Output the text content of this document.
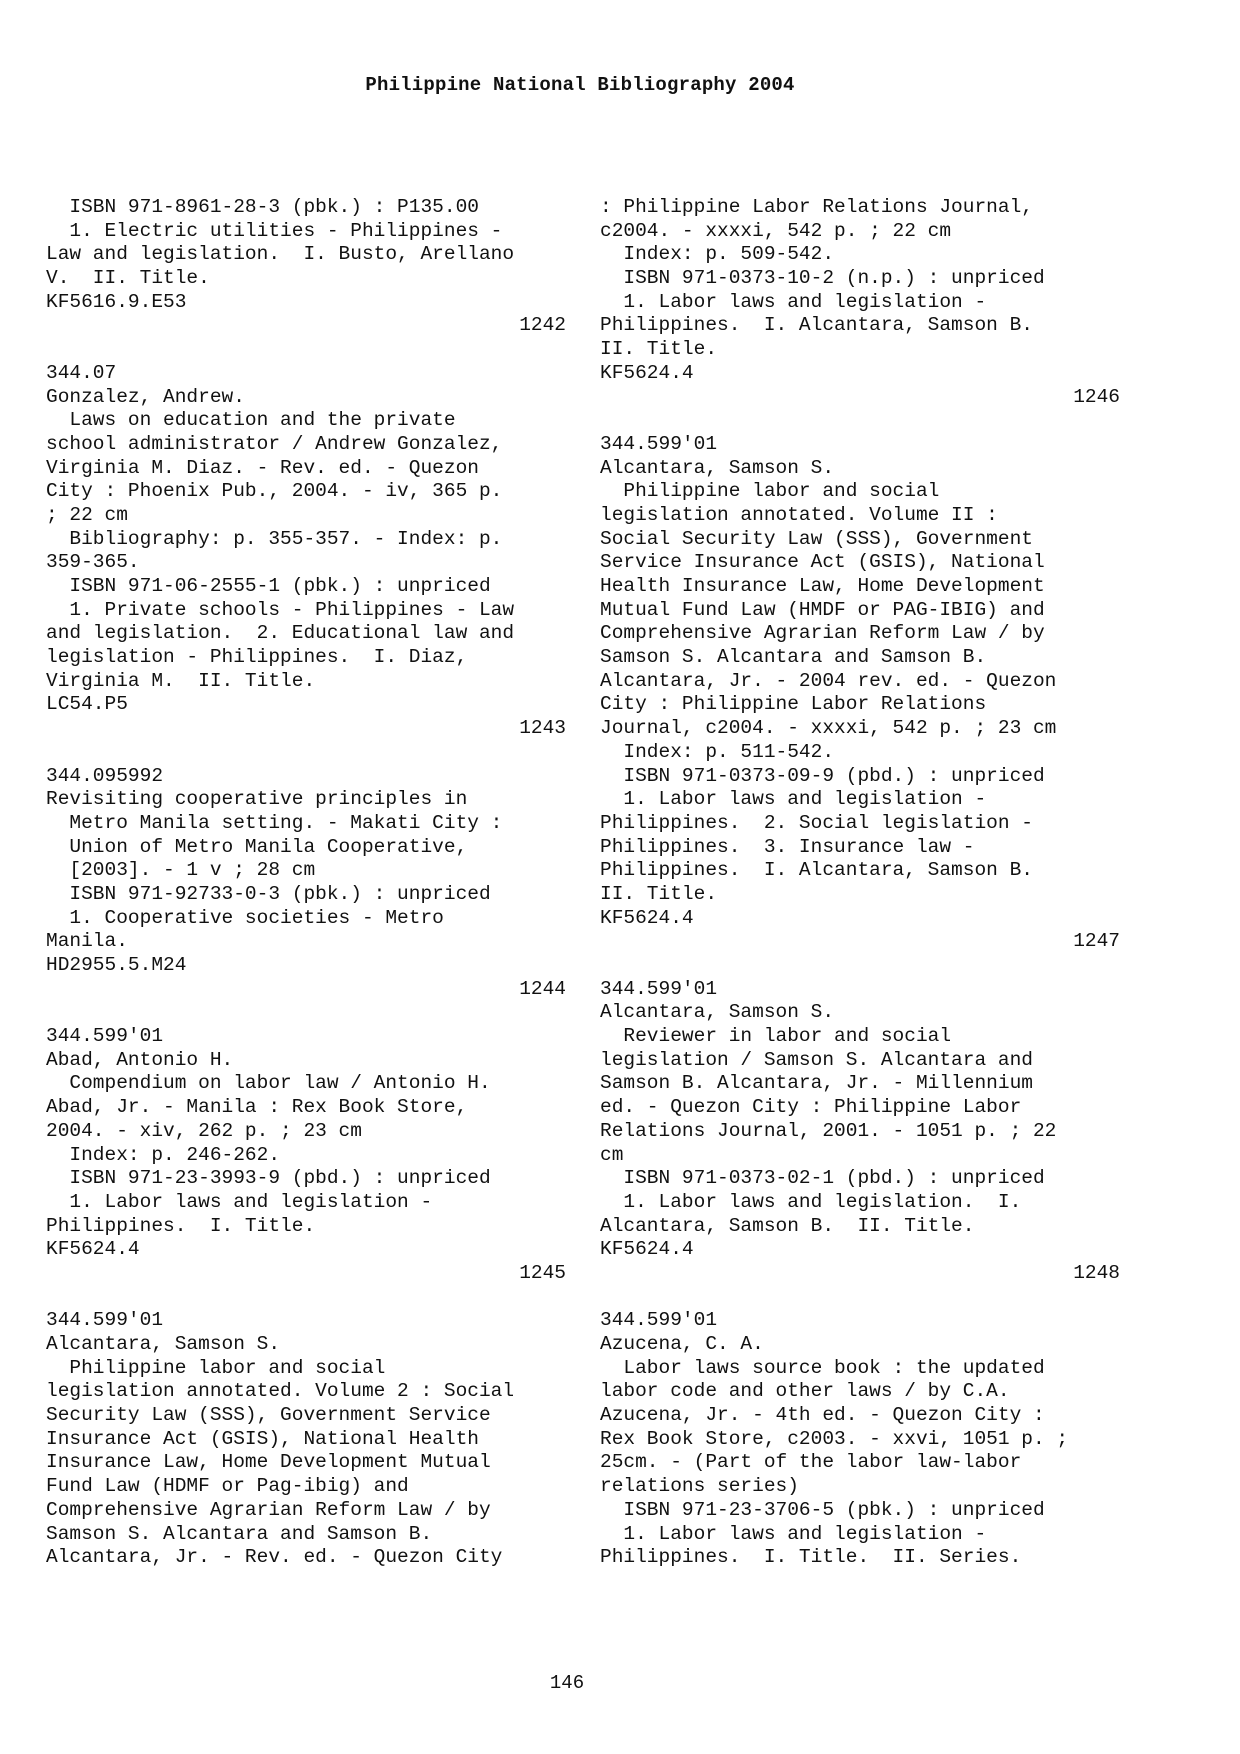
Philippine National Bibliography 2004
ISBN 971-8961-28-3 (pbk.) : P135.00
1. Electric utilities - Philippines -
Law and legislation.  I. Busto, Arellano
V.  II. Title.
KF5616.9.E53
1242
344.07
Gonzalez, Andrew.
Laws on education and the private
school administrator / Andrew Gonzalez,
Virginia M. Diaz. - Rev. ed. - Quezon
City : Phoenix Pub., 2004. - iv, 365 p.
; 22 cm
Bibliography: p. 355-357. - Index: p.
359-365.
ISBN 971-06-2555-1 (pbk.) : unpriced
1. Private schools - Philippines - Law
and legislation.  2. Educational law and
legislation - Philippines.  I. Diaz,
Virginia M.  II. Title.
LC54.P5
1243
344.095992
Revisiting cooperative principles in
Metro Manila setting. - Makati City :
Union of Metro Manila Cooperative,
[2003]. - 1 v ; 28 cm
ISBN 971-92733-0-3 (pbk.) : unpriced
1. Cooperative societies - Metro
Manila.
HD2955.5.M24
1244
344.599'01
Abad, Antonio H.
Compendium on labor law / Antonio H.
Abad, Jr. - Manila : Rex Book Store,
2004. - xiv, 262 p. ; 23 cm
Index: p. 246-262.
ISBN 971-23-3993-9 (pbd.) : unpriced
1. Labor laws and legislation -
Philippines.  I. Title.
KF5624.4
1245
344.599'01
Alcantara, Samson S.
Philippine labor and social
legislation annotated. Volume 2 : Social
Security Law (SSS), Government Service
Insurance Act (GSIS), National Health
Insurance Law, Home Development Mutual
Fund Law (HDMF or Pag-ibig) and
Comprehensive Agrarian Reform Law / by
Samson S. Alcantara and Samson B.
Alcantara, Jr. - Rev. ed. - Quezon City
: Philippine Labor Relations Journal,
c2004. - xxxxi, 542 p. ; 22 cm
Index: p. 509-542.
ISBN 971-0373-10-2 (n.p.) : unpriced
1. Labor laws and legislation -
Philippines.  I. Alcantara, Samson B.
II. Title.
KF5624.4
1246
344.599'01
Alcantara, Samson S.
Philippine labor and social
legislation annotated. Volume II :
Social Security Law (SSS), Government
Service Insurance Act (GSIS), National
Health Insurance Law, Home Development
Mutual Fund Law (HMDF or PAG-IBIG) and
Comprehensive Agrarian Reform Law / by
Samson S. Alcantara and Samson B.
Alcantara, Jr. - 2004 rev. ed. - Quezon
City : Philippine Labor Relations
Journal, c2004. - xxxxi, 542 p. ; 23 cm
Index: p. 511-542.
ISBN 971-0373-09-9 (pbd.) : unpriced
1. Labor laws and legislation -
Philippines.  2. Social legislation -
Philippines.  3. Insurance law -
Philippines.  I. Alcantara, Samson B.
II. Title.
KF5624.4
1247
344.599'01
Alcantara, Samson S.
Reviewer in labor and social
legislation / Samson S. Alcantara and
Samson B. Alcantara, Jr. - Millennium
ed. - Quezon City : Philippine Labor
Relations Journal, 2001. - 1051 p. ; 22
cm
ISBN 971-0373-02-1 (pbd.) : unpriced
1. Labor laws and legislation.  I.
Alcantara, Samson B.  II. Title.
KF5624.4
1248
344.599'01
Azucena, C. A.
Labor laws source book : the updated
labor code and other laws / by C.A.
Azucena, Jr. - 4th ed. - Quezon City :
Rex Book Store, c2003. - xxvi, 1051 p. ;
25cm. - (Part of the labor law-labor
relations series)
ISBN 971-23-3706-5 (pbk.) : unpriced
1. Labor laws and legislation -
Philippines.  I. Title.  II. Series.
146
